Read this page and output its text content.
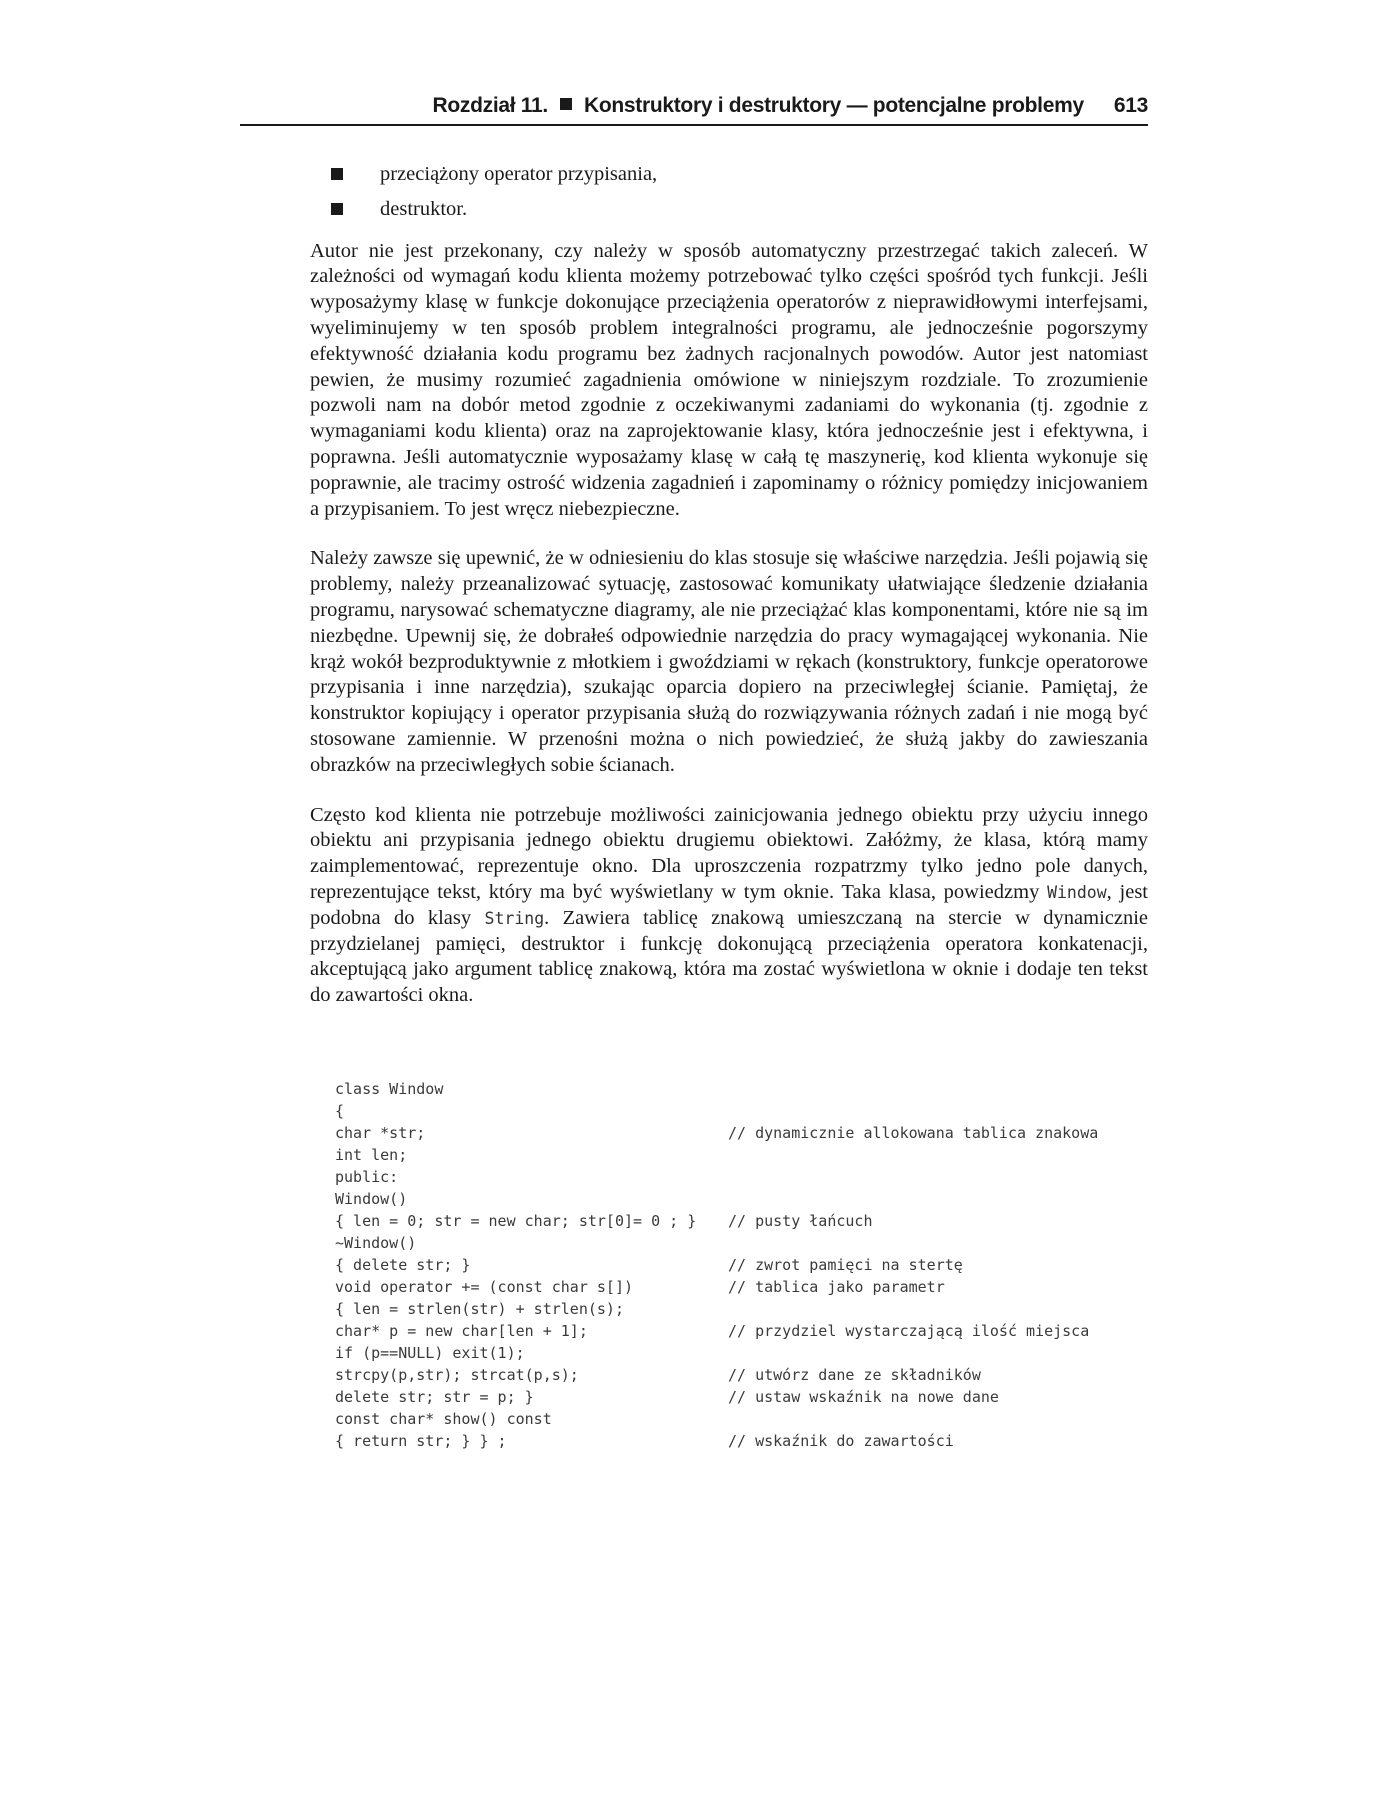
Rozdział 11. Konstruktory i destruktory — potencjalne problemy 613
przeciążony operator przypisania,
destruktor.

Autor nie jest przekonany, czy należy w sposób automatyczny przestrzegać takich zaleceń. W zależności od wymagań kodu klienta możemy potrzebować tylko części spośród tych funkcji. Jeśli wyposażymy klasę w funkcje dokonujące przeciążenia operatorów z nieprawidłowymi interfejsami, wyeliminujemy w ten sposób problem integralności programu, ale jednocześnie pogorszymy efektywność działania kodu programu bez żadnych racjonalnych powodów. Autor jest natomiast pewien, że musimy rozumieć zagadnienia omówione w niniejszym rozdziale. To zrozumienie pozwoli nam na dobór metod zgodnie z oczekiwanymi zadaniami do wykonania (tj. zgodnie z wymaganiami kodu klienta) oraz na zaprojektowanie klasy, która jednocześnie jest i efektywna, i poprawna. Jeśli automatycznie wyposażamy klasę w całą tę maszynerię, kod klienta wykonuje się poprawnie, ale tracimy ostrość widzenia zagadnień i zapominamy o różnicy pomiędzy inicjowaniem a przypisaniem. To jest wręcz niebezpieczne.

Należy zawsze się upewnić, że w odniesieniu do klas stosuje się właściwe narzędzia. Jeśli pojawią się problemy, należy przeanalizować sytuację, zastosować komunikaty ułatwiające śledzenie działania programu, narysować schematyczne diagramy, ale nie przeciążać klas komponentami, które nie są im niezbędne. Upewnij się, że dobrałeś odpowiednie narzędzia do pracy wymagającej wykonania. Nie krąż wokół bezproduktywnie z młotkiem i gwoździami w rękach (konstruktory, funkcje operatorowe przypisania i inne narzędzia), szukając oparcia dopiero na przeciwległej ścianie. Pamiętaj, że konstruktor kopiujący i operator przypisania służą do rozwiązywania różnych zadań i nie mogą być stosowane zamiennie. W przenośni można o nich powiedzieć, że służą jakby do zawieszania obrazków na przeciwległych sobie ścianach.

Często kod klienta nie potrzebuje możliwości zainicjowania jednego obiektu przy użyciu innego obiektu ani przypisania jednego obiektu drugiemu obiektowi. Załóżmy, że klasa, którą mamy zaimplementować, reprezentuje okno. Dla uproszczenia rozpatrzmy tylko jedno pole danych, reprezentujące tekst, który ma być wyświetlany w tym oknie. Taka klasa, powiedzmy Window, jest podobna do klasy String. Zawiera tablicę znakową umieszczaną na stercie w dynamicznie przydzielanej pamięci, destruktor i funkcję dokonującą przeciążenia operatora konkatenacji, akceptującą jako argument tablicę znakową, która ma zostać wyświetlona w oknie i dodaje ten tekst do zawartości okna.

class Window
{
char *str;	// dynamicznie allokowana tablica znakowa
int len;
public:
Window()
{ len = 0; str = new char; str[0]= 0 ; } // pusty łańcuch
~Window()
{ delete str; }	// zwrot pamięci na stertę
void operator += (const char s[])	// tablica jako parametr
{ len = strlen(str) + strlen(s);
char* p = new char[len + 1];	// przydziel wystarczającą ilość miejsca
if (p==NULL) exit(1);
strcpy(p,str); strcat(p,s);	// utwórz dane ze składników
delete str; str = p; }	// ustaw wskaźnik na nowe dane
const char* show() const
{ return str; } } ;	// wskaźnik do zawartości
